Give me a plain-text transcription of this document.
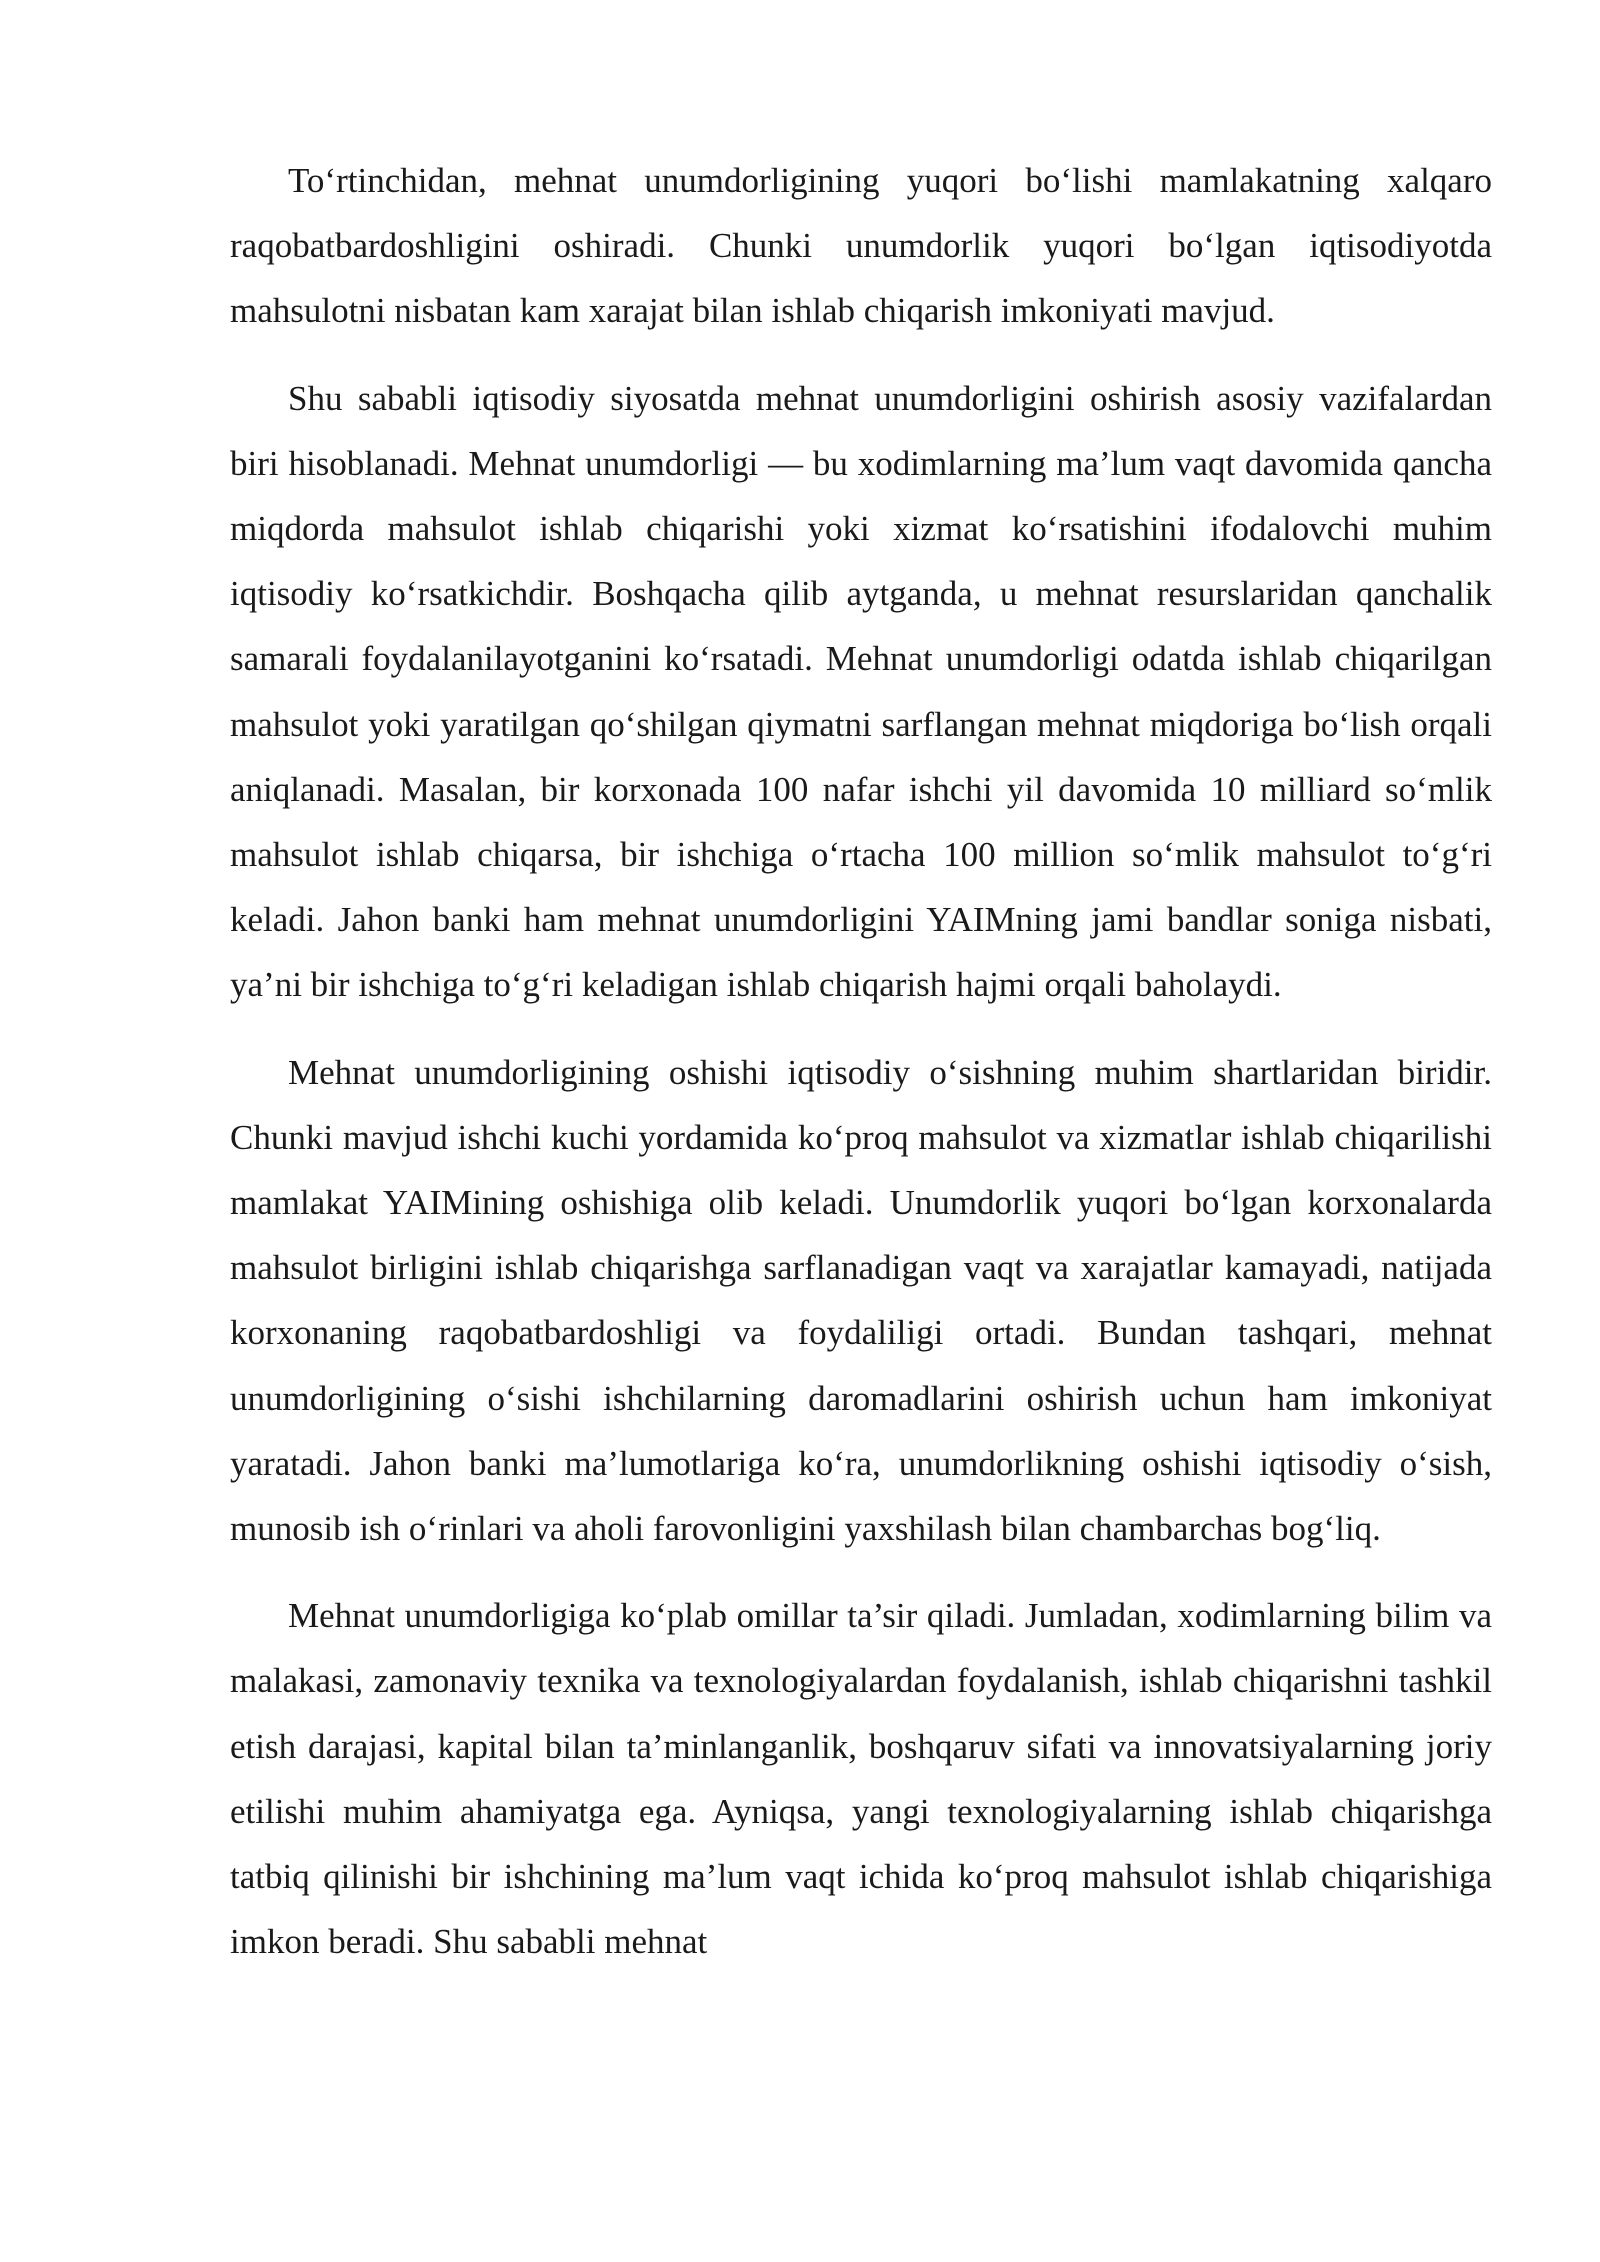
To‘rtinchidan, mehnat unumdorligining yuqori bo‘lishi mamlakatning xalqaro raqobatbardoshligini oshiradi. Chunki unumdorlik yuqori bo‘lgan iqtisodiyotda mahsulotni nisbatan kam xarajat bilan ishlab chiqarish imkoniyati mavjud.

Shu sababli iqtisodiy siyosatda mehnat unumdorligini oshirish asosiy vazifalardan biri hisoblanadi. Mehnat unumdorligi — bu xodimlarning ma’lum vaqt davomida qancha miqdorda mahsulot ishlab chiqarishi yoki xizmat ko‘rsatishini ifodalovchi muhim iqtisodiy ko‘rsatkichdir. Boshqacha qilib aytganda, u mehnat resurslaridan qanchalik samarali foydalanilayotganini ko‘rsatadi. Mehnat unumdorligi odatda ishlab chiqarilgan mahsulot yoki yaratilgan qo‘shilgan qiymatni sarflangan mehnat miqdoriga bo‘lish orqali aniqlanadi. Masalan, bir korxonada 100 nafar ishchi yil davomida 10 milliard so‘mlik mahsulot ishlab chiqarsa, bir ishchiga o‘rtacha 100 million so‘mlik mahsulot to‘g‘ri keladi. Jahon banki ham mehnat unumdorligini YAIMning jami bandlar soniga nisbati, ya’ni bir ishchiga to‘g‘ri keladigan ishlab chiqarish hajmi orqali baholaydi.

Mehnat unumdorligining oshishi iqtisodiy o‘sishning muhim shartlaridan biridir. Chunki mavjud ishchi kuchi yordamida ko‘proq mahsulot va xizmatlar ishlab chiqarilishi mamlakat YAIMining oshishiga olib keladi. Unumdorlik yuqori bo‘lgan korxonalarda mahsulot birligini ishlab chiqarishga sarflanadigan vaqt va xarajatlar kamayadi, natijada korxonaning raqobatbardoshligi va foydaliligi ortadi. Bundan tashqari, mehnat unumdorligining o‘sishi ishchilarning daromadlarini oshirish uchun ham imkoniyat yaratadi. Jahon banki ma’lumotlariga ko‘ra, unumdorlikning oshishi iqtisodiy o‘sish, munosib ish o‘rinlari va aholi farovonligini yaxshilash bilan chambarchas bog‘liq.

Mehnat unumdorligiga ko‘plab omillar ta’sir qiladi. Jumladan, xodimlarning bilim va malakasi, zamonaviy texnika va texnologiyalardan foydalanish, ishlab chiqarishni tashkil etish darajasi, kapital bilan ta’minlanganlik, boshqaruv sifati va innovatsiyalarning joriy etilishi muhim ahamiyatga ega. Ayniqsa, yangi texnologiyalarning ishlab chiqarishga tatbiq qilinishi bir ishchining ma’lum vaqt ichida ko‘proq mahsulot ishlab chiqarishiga imkon beradi. Shu sababli mehnat
